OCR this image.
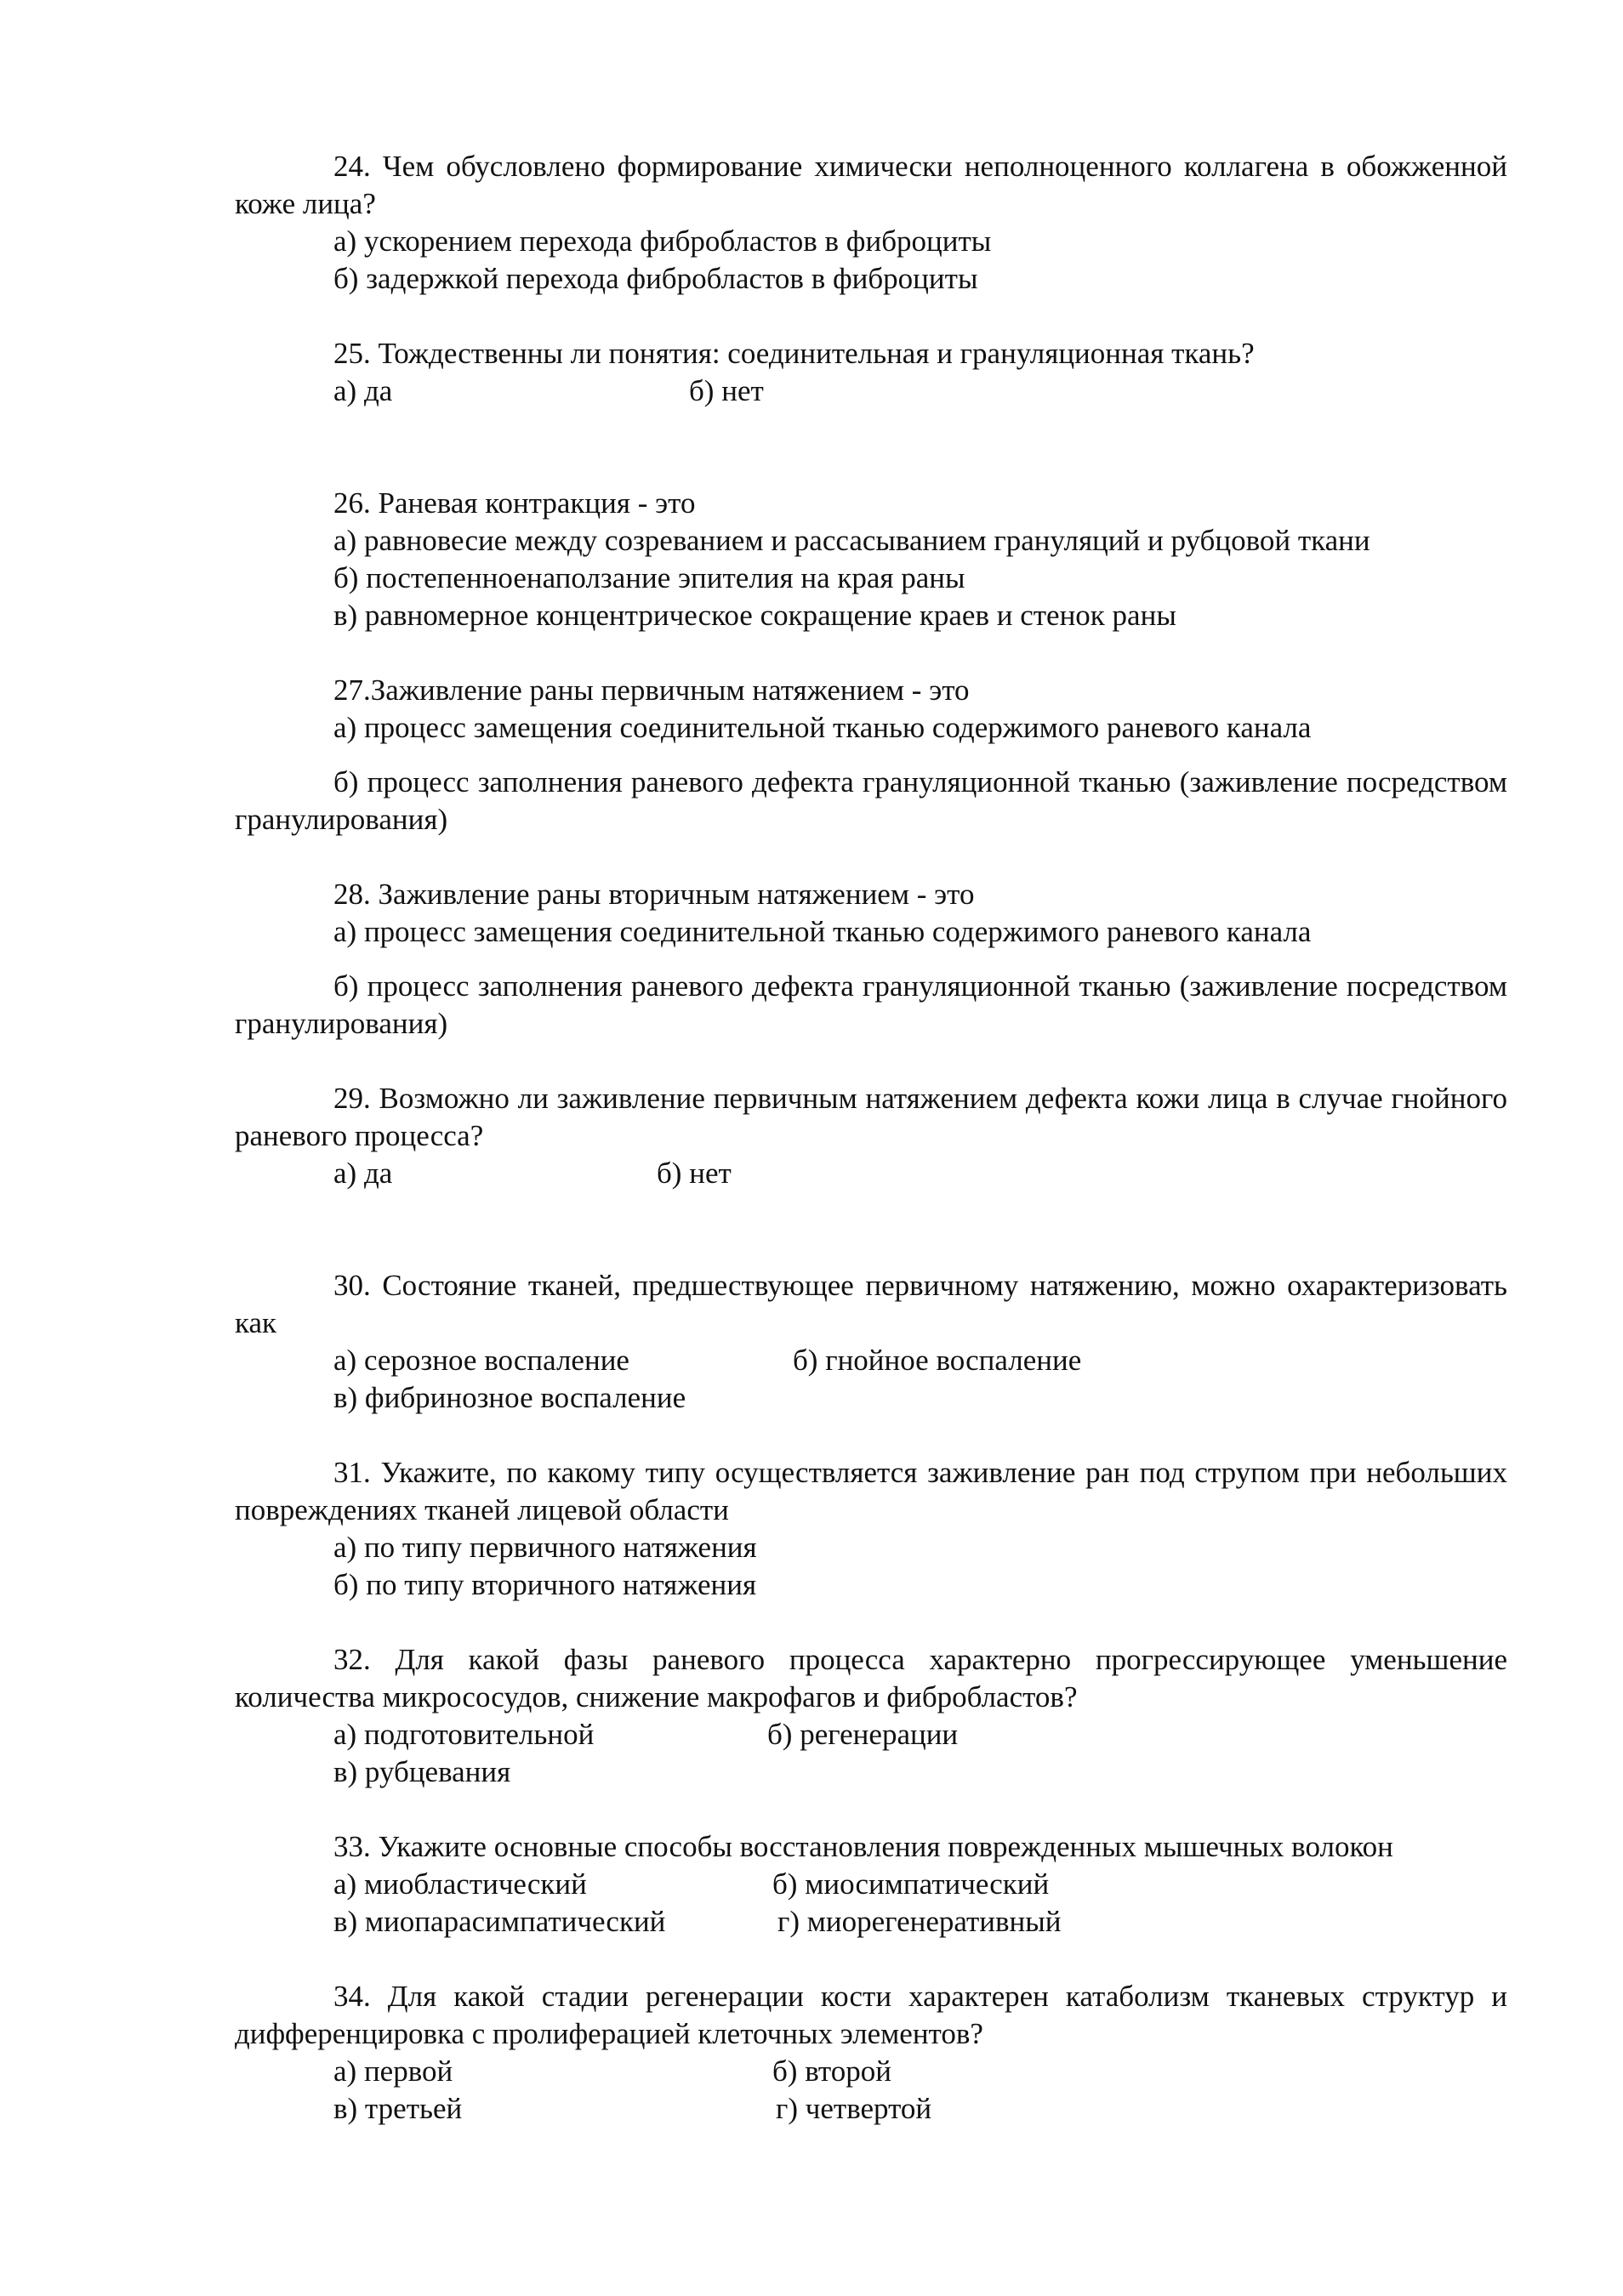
24. Чем обусловлено формирование химически неполноценного коллагена в обожженной коже лица?

а) ускорением перехода фибробластов в фиброциты

б) задержкой перехода фибробластов в фиброциты

25. Тождественны ли понятия: соединительная и грануляционная ткань?

а) да	б) нет

26. Раневая контракция - это

а) равновесие между созреванием и рассасыванием грануляций и рубцовой ткани

б) постепенноенаползание эпителия на края раны

в) равномерное концентрическое сокращение краев и стенок раны

27.Заживление раны первичным натяжением - это

а) процесс замещения соединительной тканью содержимого раневого канала

б) процесс заполнения раневого дефекта грануляционной тканью (заживление посредством гранулирования)

28. Заживление раны вторичным натяжением - это

а) процесс замещения соединительной тканью содержимого раневого канала

б) процесс заполнения раневого дефекта грануляционной тканью (заживление посредством гранулирования)

29. Возможно ли заживление первичным натяжением дефекта кожи лица в случае гнойного раневого процесса?

а) да	б) нет

30. Состояние тканей, предшествующее первичному натяжению, можно охарактеризовать как

а) серозное воспаление	б) гнойное воспаление

в) фибринозное воспаление

31. Укажите, по какому типу осуществляется заживление ран под струпом при небольших повреждениях тканей лицевой области

а) по типу первичного натяжения

б) по типу вторичного натяжения

32. Для какой фазы раневого процесса характерно прогрессирующее уменьшение количества микрососудов, снижение макрофагов и фибробластов?

а) подготовительной	б) регенерации

в) рубцевания

33. Укажите основные способы восстановления поврежденных мышечных волокон

а) миобластический	б) миосимпатический

в) миопарасимпатический	г) миорегенеративный

34. Для какой стадии регенерации кости характерен катаболизм тканевых структур и дифференцировка с пролиферацией клеточных элементов?

а) первой	б) второй

в) третьей	г) четвертой
